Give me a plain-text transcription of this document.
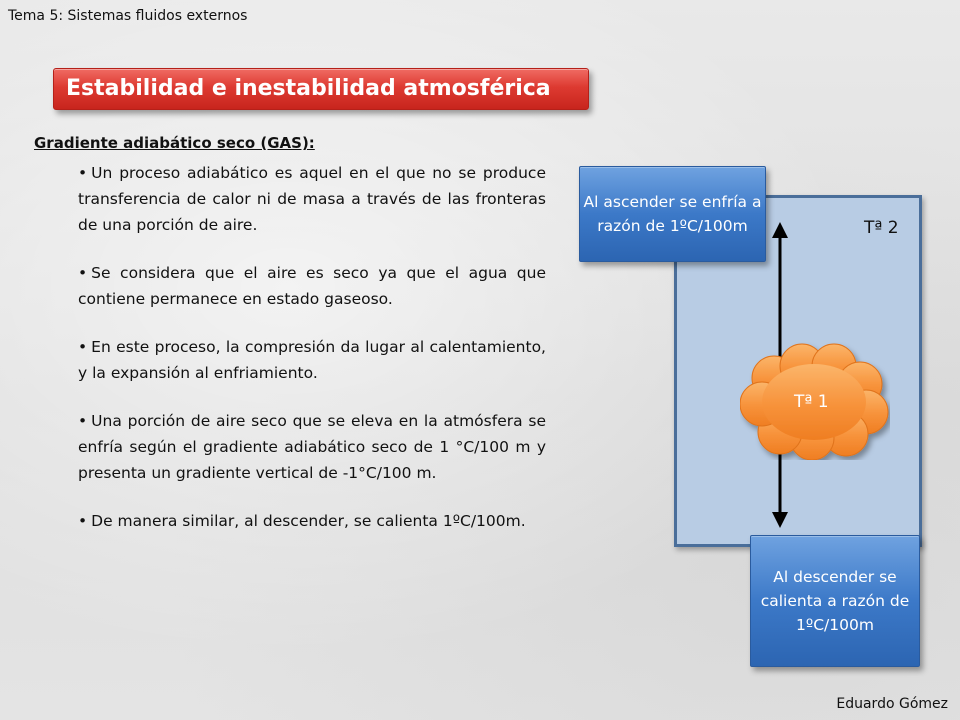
Tema 5: Sistemas fluidos externos
Estabilidad e inestabilidad atmosférica
Gradiente adiabático seco (GAS):
• Un proceso adiabático es aquel en el que no se produce transferencia de calor ni de masa a través de las fronteras de una porción de aire.
• Se considera que el aire es seco ya que el agua que contiene permanece en estado gaseoso.
• En este proceso, la compresión da lugar al calentamiento, y la expansión al enfriamiento.
• Una porción de aire seco que se eleva en la atmósfera se enfría según el gradiente adiabático seco de 1 °C/100 m y presenta un gradiente vertical de -1°C/100 m.
• De manera similar, al descender, se calienta 1ºC/100m.
Tª 2
Tª 1
Al ascender se enfría a razón de 1ºC/100m
Al descender se calienta a razón de 1ºC/100m
Eduardo Gómez
